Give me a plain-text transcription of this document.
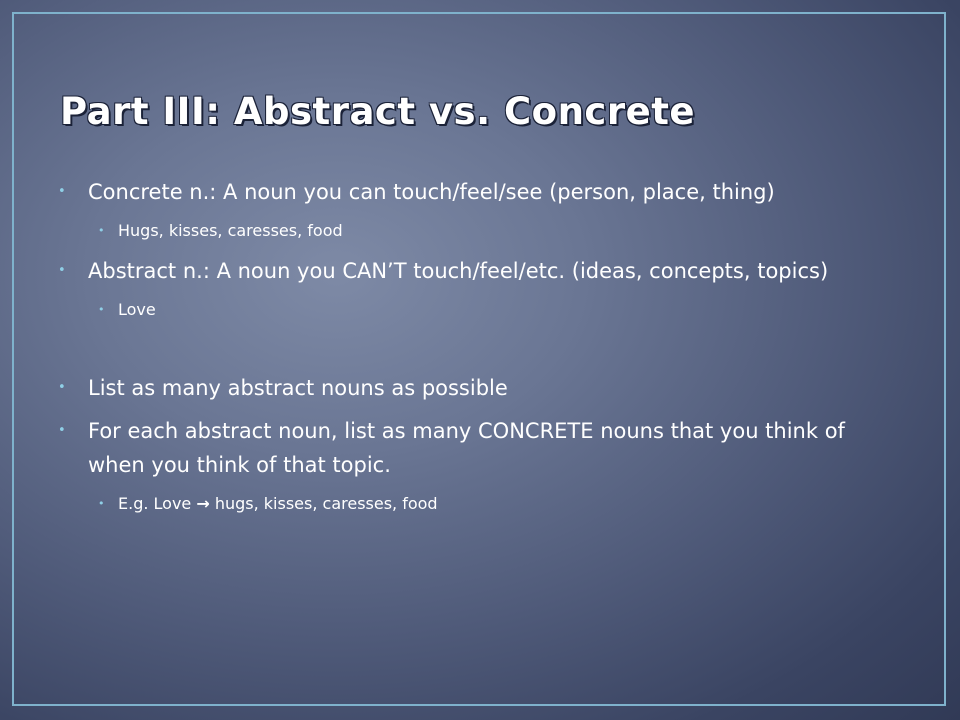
Part III: Abstract vs. Concrete
• Concrete n.: A noun you can touch/feel/see (person, place, thing)
• Hugs, kisses, caresses, food
• Abstract n.: A noun you CAN’T touch/feel/etc. (ideas, concepts, topics)
• Love
• List as many abstract nouns as possible
• For each abstract noun, list as many CONCRETE nouns that you think of when you think of that topic.
• E.g. Love → hugs, kisses, caresses, food
